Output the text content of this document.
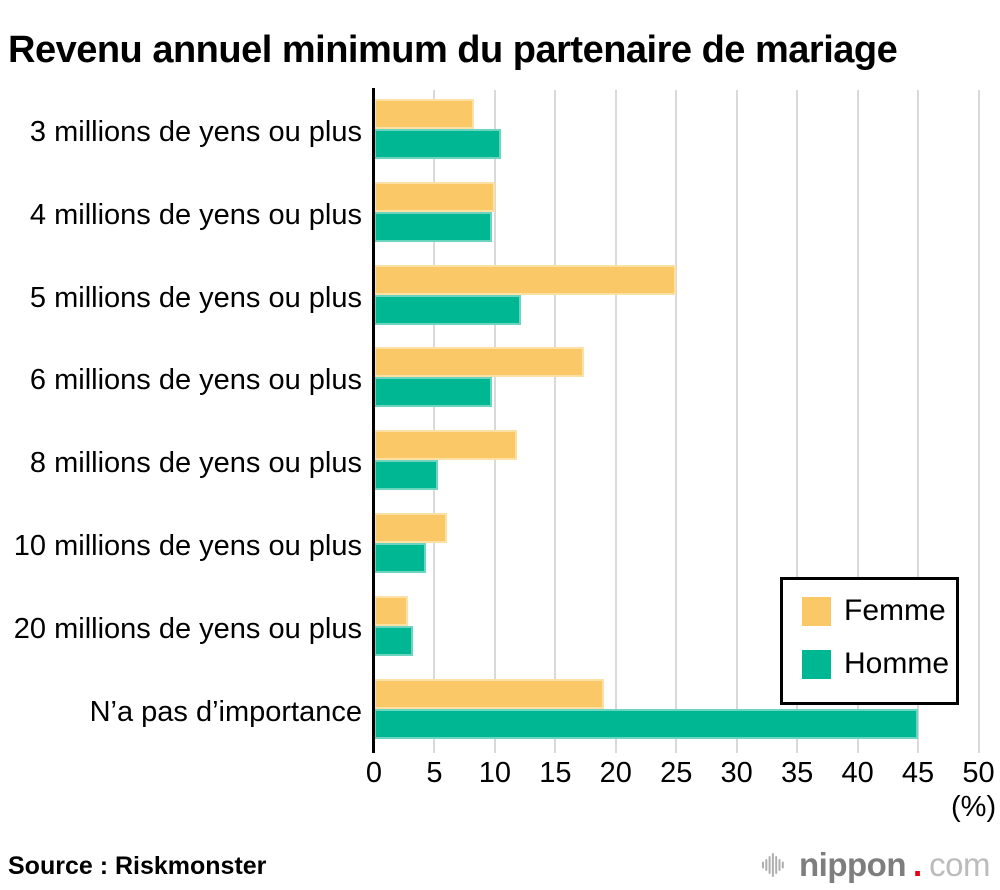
Revenu annuel minimum du partenaire de mariage
3 millions de yens ou plus
4 millions de yens ou plus
5 millions de yens ou plus
6 millions de yens ou plus
8 millions de yens ou plus
10 millions de yens ou plus
20 millions de yens ou plus
N’a pas d’importance
0 5 10 15 20 25 30 35 40 45 50
(%)
Femme
Homme
Source : Riskmonster	nippon . com
